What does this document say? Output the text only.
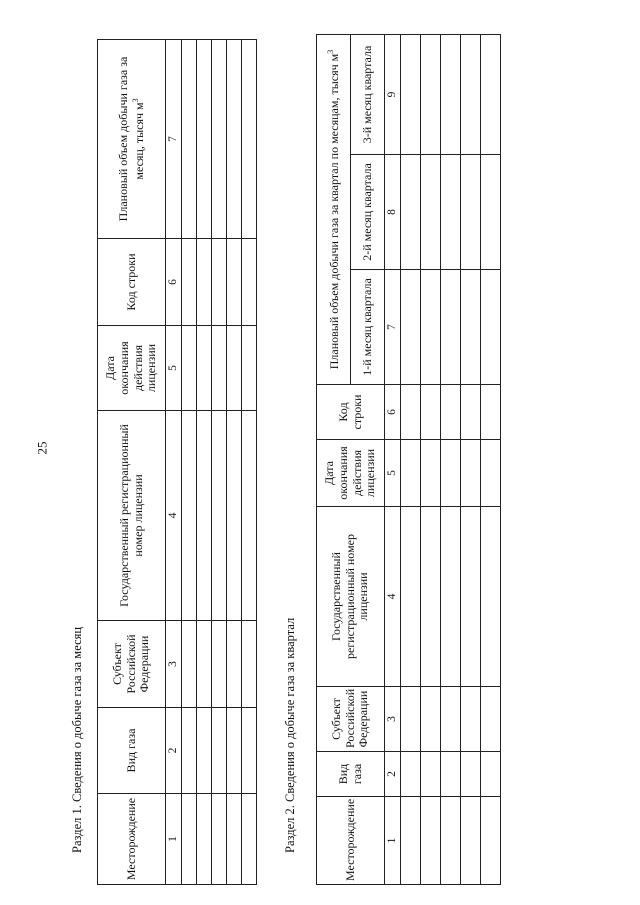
25
Раздел 1. Сведения о добыче газа за месяц	Месторождение	Вид газа	Субъект Российской Федерации	Государственный регистрационный номер лицензии	Дата окончания действия лицензии	Код строки	Плановый объем добычи газа за месяц, тысяч $м^3$
1	2	3	4	5	6	7

Раздел 2. Сведения о добыче газа за квартал	Месторождение	Вид газа	Субъект Российской Федерации	Государственный регистрационный номер лицензии	Дата окончания действия лицензии	Код строки	Плановый объем добычи газа за квартал по месяцам, тысяч $м^3$
						1-й месяц квартала	2-й месяц квартала	3-й месяц квартала
1	2	3	4	5	6	7	8	9
